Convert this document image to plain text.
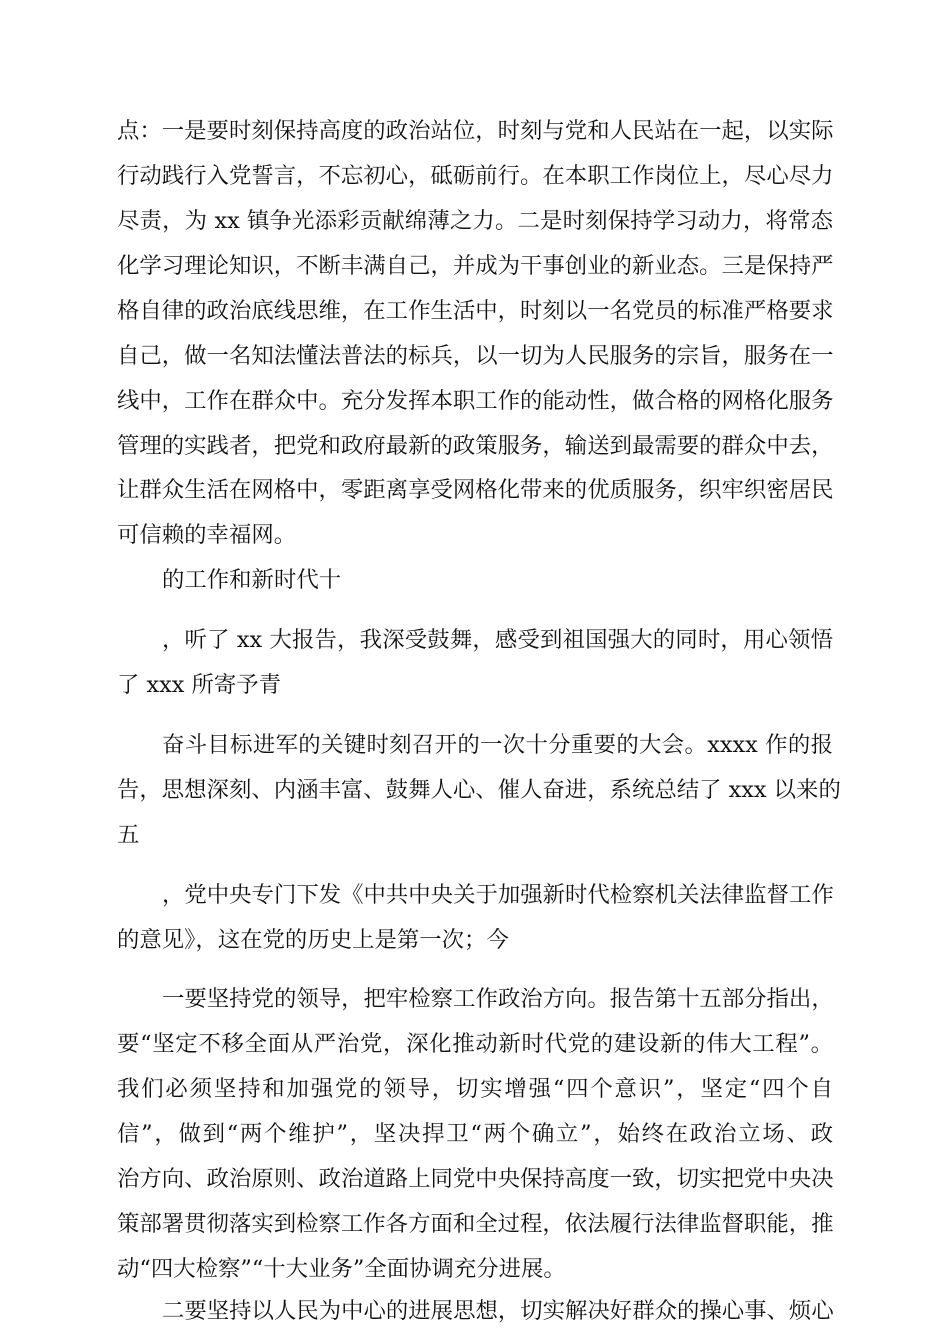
点：一是要时刻保持高度的政治站位，时刻与党和人民站在一起，以实际
行动践行入党誓言，不忘初心，砥砺前行。在本职工作岗位上，尽心尽力
尽责，为 xx 镇争光添彩贡献绵薄之力。二是时刻保持学习动力，将常态
化学习理论知识，不断丰满自己，并成为干事创业的新业态。三是保持严
格自律的政治底线思维，在工作生活中，时刻以一名党员的标准严格要求
自己，做一名知法懂法普法的标兵，以一切为人民服务的宗旨，服务在一
线中，工作在群众中。充分发挥本职工作的能动性，做合格的网格化服务
管理的实践者，把党和政府最新的政策服务，输送到最需要的群众中去，
让群众生活在网格中，零距离享受网格化带来的优质服务，织牢织密居民
可信赖的幸福网。
的工作和新时代十
，听了 xx 大报告，我深受鼓舞，感受到祖国强大的同时，用心领悟
了 xxx 所寄予青
奋斗目标进军的关键时刻召开的一次十分重要的大会。xxxx 作的报
告，思想深刻、内涵丰富、鼓舞人心、催人奋进，系统总结了 xxx 以来的
五
，党中央专门下发《中共中央关于加强新时代检察机关法律监督工作
的意见》，这在党的历史上是第一次；今
一要坚持党的领导，把牢检察工作政治方向。报告第十五部分指出，
要“坚定不移全面从严治党，深化推动新时代党的建设新的伟大工程”。
我们必须坚持和加强党的领导，切实增强“四个意识”，坚定“四个自
信”，做到“两个维护”，坚决捍卫“两个确立”，始终在政治立场、政
治方向、政治原则、政治道路上同党中央保持高度一致，切实把党中央决
策部署贯彻落实到检察工作各方面和全过程，依法履行法律监督职能，推
动“四大检察”“十大业务”全面协调充分进展。
二要坚持以人民为中心的进展思想，切实解决好群众的操心事、烦心
